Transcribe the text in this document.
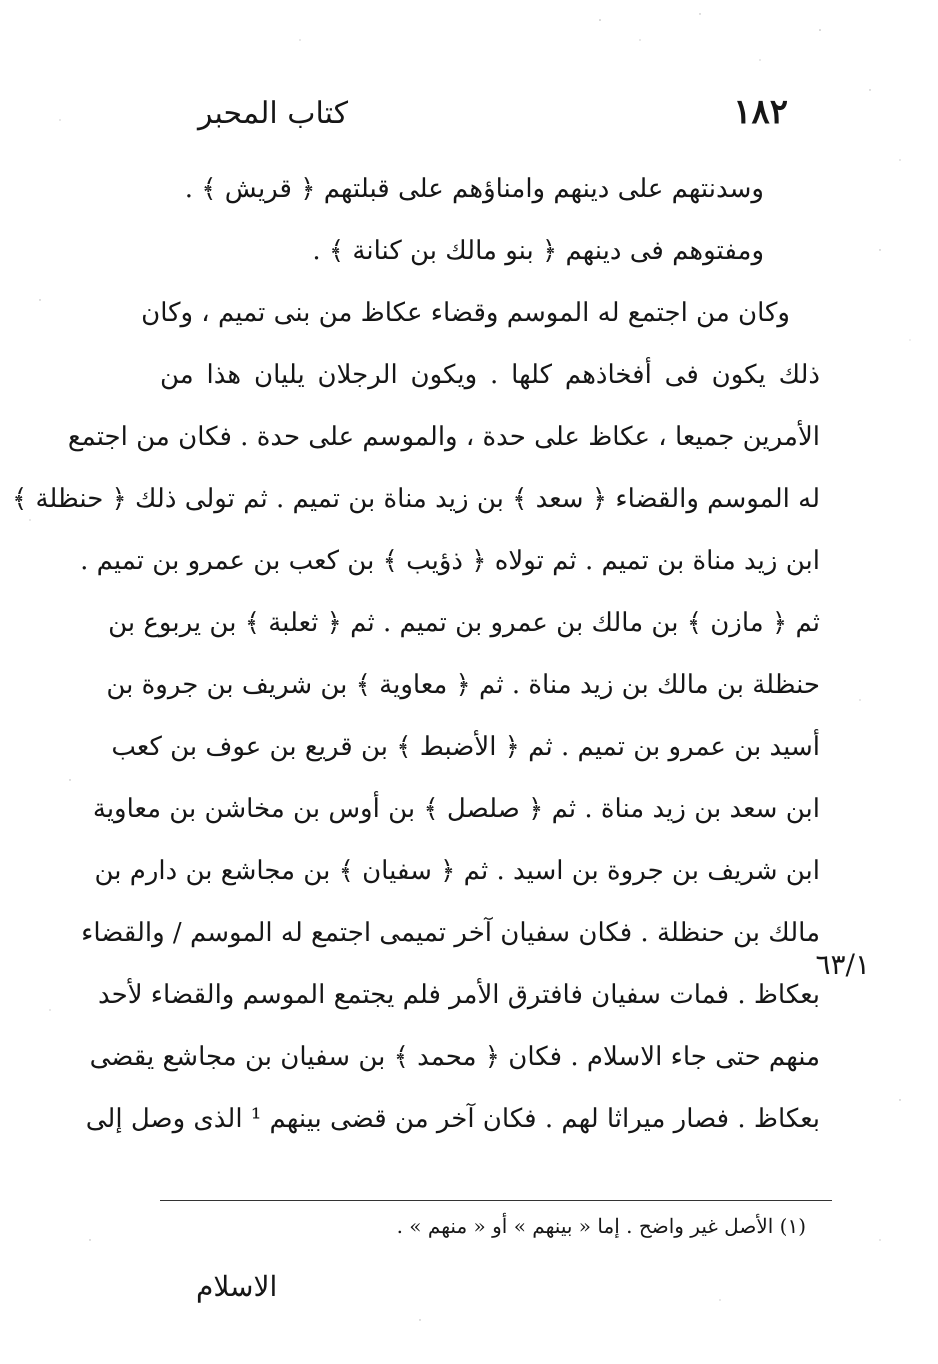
كتاب المحبر	١٨٢
وسدنتهم على دينهم وامناؤهم على قبلتهم ﴿ قريش ﴾ .
ومفتوهم فى دينهم ﴿ بنو مالك بن كنانة ﴾ .
وكان من اجتمع له الموسم وقضاء عكاظ من بنى تميم ، وكان
ذلك يكون فى أفخاذهم كلها . ويكون الرجلان يليان هذا من
الأمرين جميعا ، عكاظ على حدة ، والموسم على حدة . فكان من اجتمع
له الموسم والقضاء ﴿ سعد ﴾ بن زيد مناة بن تميم . ثم تولى ذلك ﴿ حنظلة ﴾
ابن زيد مناة بن تميم . ثم تولاه ﴿ ذؤيب ﴾ بن كعب بن عمرو بن تميم .
ثم ﴿ مازن ﴾ بن مالك بن عمرو بن تميم . ثم ﴿ ثعلبة ﴾ بن يربوع بن
حنظلة بن مالك بن زيد مناة . ثم ﴿ معاوية ﴾ بن شريف بن جروة بن
أسيد بن عمرو بن تميم . ثم ﴿ الأضبط ﴾ بن قريع بن عوف بن كعب
ابن سعد بن زيد مناة . ثم ﴿ صلصل ﴾ بن أوس بن مخاشن بن معاوية
ابن شريف بن جروة بن اسيد . ثم ﴿ سفيان ﴾ بن مجاشع بن دارم بن
مالك بن حنظلة . فكان سفيان آخر تميمى اجتمع له الموسم / والقضاء
بعكاظ . فمات سفيان فافترق الأمر فلم يجتمع الموسم والقضاء لأحد
منهم حتى جاء الاسلام . فكان ﴿ محمد ﴾ بن سفيان بن مجاشع يقضى
بعكاظ . فصار ميراثا لهم . فكان آخر من قضى بينهم ¹ الذى وصل إلى
٦٣/١
(١) الأصل غير واضح . إما « بينهم » أو « منهم » .
الاسلام
